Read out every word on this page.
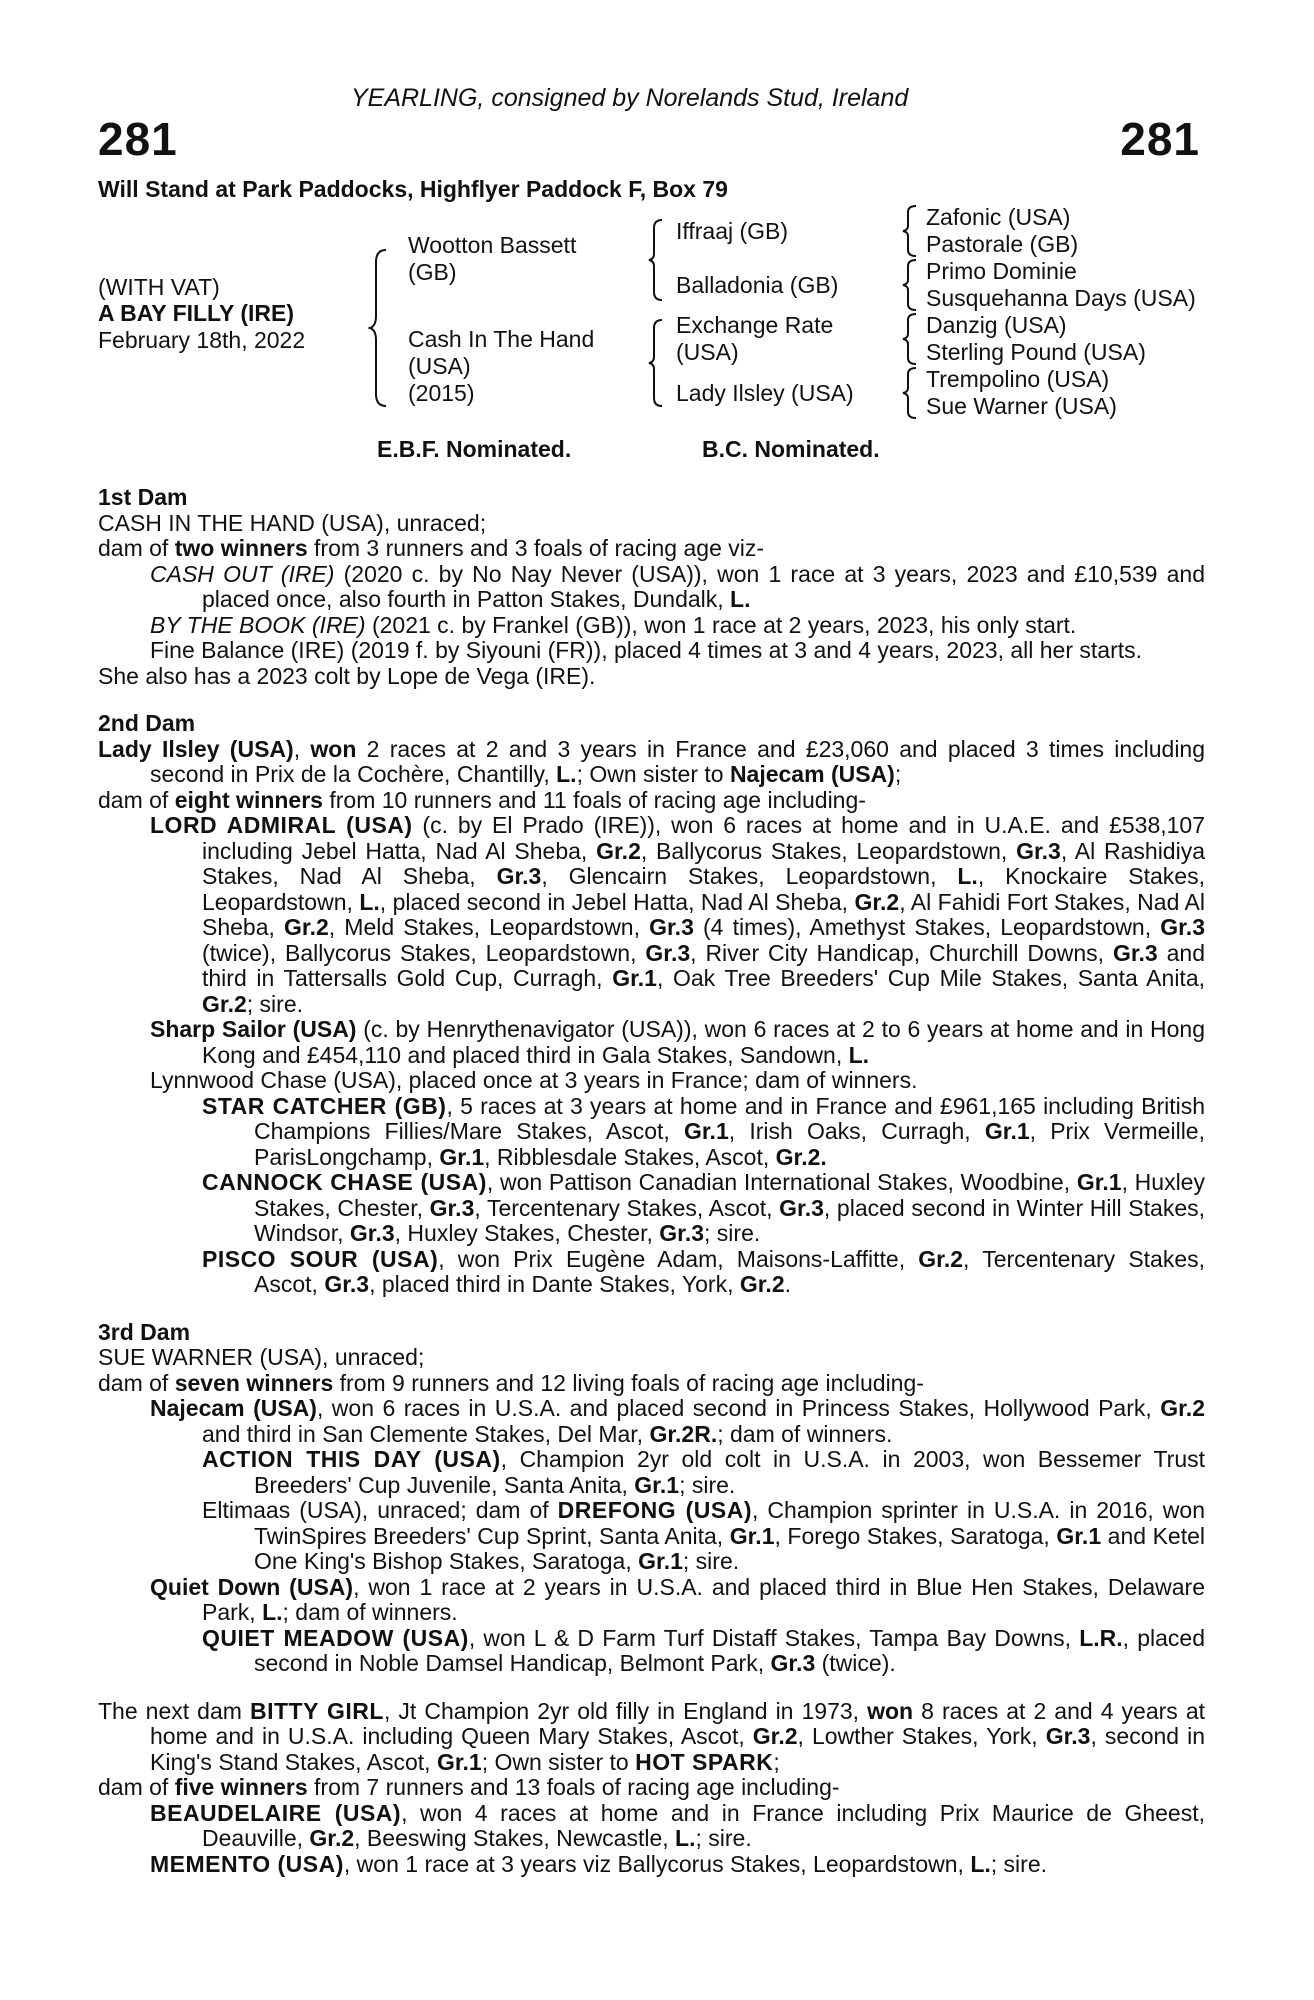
YEARLING, consigned by Norelands Stud, Ireland
281	281
Will Stand at Park Paddocks, Highflyer Paddock F, Box 79
(WITH VAT)
A BAY FILLY (IRE)
February 18th, 2022
Wootton Bassett
(GB)
Cash In The Hand
(USA)
(2015)
Iffraaj (GB)
Balladonia (GB)
Exchange Rate
(USA)
Lady Ilsley (USA)
Zafonic (USA)
Pastorale (GB)
Primo Dominie
Susquehanna Days (USA)
Danzig (USA)
Sterling Pound (USA)
Trempolino (USA)
Sue Warner (USA)
E.B.F. Nominated.	B.C. Nominated.

1st Dam

CASH IN THE HAND (USA), unraced;

dam of two winners from 3 runners and 3 foals of racing age viz-

CASH OUT (IRE) (2020 c. by No Nay Never (USA)), won 1 race at 3 years, 2023 and £10,539 and placed once, also fourth in Patton Stakes, Dundalk, L.

BY THE BOOK (IRE) (2021 c. by Frankel (GB)), won 1 race at 2 years, 2023, his only start.

Fine Balance (IRE) (2019 f. by Siyouni (FR)), placed 4 times at 3 and 4 years, 2023, all her starts.

She also has a 2023 colt by Lope de Vega (IRE).

2nd Dam

Lady Ilsley (USA), won 2 races at 2 and 3 years in France and £23,060 and placed 3 times including second in Prix de la Cochère, Chantilly, L.; Own sister to Najecam (USA);

dam of eight winners from 10 runners and 11 foals of racing age including-

LORD ADMIRAL (USA) (c. by El Prado (IRE)), won 6 races at home and in U.A.E. and £538,107 including Jebel Hatta, Nad Al Sheba, Gr.2, Ballycorus Stakes, Leopardstown, Gr.3, Al Rashidiya Stakes, Nad Al Sheba, Gr.3, Glencairn Stakes, Leopardstown, L., Knockaire Stakes, Leopardstown, L., placed second in Jebel Hatta, Nad Al Sheba, Gr.2, Al Fahidi Fort Stakes, Nad Al Sheba, Gr.2, Meld Stakes, Leopardstown, Gr.3 (4 times), Amethyst Stakes, Leopardstown, Gr.3 (twice), Ballycorus Stakes, Leopardstown, Gr.3, River City Handicap, Churchill Downs, Gr.3 and third in Tattersalls Gold Cup, Curragh, Gr.1, Oak Tree Breeders' Cup Mile Stakes, Santa Anita, Gr.2; sire.

Sharp Sailor (USA) (c. by Henrythenavigator (USA)), won 6 races at 2 to 6 years at home and in Hong Kong and £454,110 and placed third in Gala Stakes, Sandown, L.

Lynnwood Chase (USA), placed once at 3 years in France; dam of winners.

STAR CATCHER (GB), 5 races at 3 years at home and in France and £961,165 including British Champions Fillies/Mare Stakes, Ascot, Gr.1, Irish Oaks, Curragh, Gr.1, Prix Vermeille, ParisLongchamp, Gr.1, Ribblesdale Stakes, Ascot, Gr.2.

CANNOCK CHASE (USA), won Pattison Canadian International Stakes, Woodbine, Gr.1, Huxley Stakes, Chester, Gr.3, Tercentenary Stakes, Ascot, Gr.3, placed second in Winter Hill Stakes, Windsor, Gr.3, Huxley Stakes, Chester, Gr.3; sire.

PISCO SOUR (USA), won Prix Eugène Adam, Maisons-Laffitte, Gr.2, Tercentenary Stakes, Ascot, Gr.3, placed third in Dante Stakes, York, Gr.2.

3rd Dam

SUE WARNER (USA), unraced;

dam of seven winners from 9 runners and 12 living foals of racing age including-

Najecam (USA), won 6 races in U.S.A. and placed second in Princess Stakes, Hollywood Park, Gr.2 and third in San Clemente Stakes, Del Mar, Gr.2R.; dam of winners.

ACTION THIS DAY (USA), Champion 2yr old colt in U.S.A. in 2003, won Bessemer Trust Breeders' Cup Juvenile, Santa Anita, Gr.1; sire.

Eltimaas (USA), unraced; dam of DREFONG (USA), Champion sprinter in U.S.A. in 2016, won TwinSpires Breeders' Cup Sprint, Santa Anita, Gr.1, Forego Stakes, Saratoga, Gr.1 and Ketel One King's Bishop Stakes, Saratoga, Gr.1; sire.

Quiet Down (USA), won 1 race at 2 years in U.S.A. and placed third in Blue Hen Stakes, Delaware Park, L.; dam of winners.

QUIET MEADOW (USA), won L & D Farm Turf Distaff Stakes, Tampa Bay Downs, L.R., placed second in Noble Damsel Handicap, Belmont Park, Gr.3 (twice).

The next dam BITTY GIRL, Jt Champion 2yr old filly in England in 1973, won 8 races at 2 and 4 years at home and in U.S.A. including Queen Mary Stakes, Ascot, Gr.2, Lowther Stakes, York, Gr.3, second in King's Stand Stakes, Ascot, Gr.1; Own sister to HOT SPARK;

dam of five winners from 7 runners and 13 foals of racing age including-

BEAUDELAIRE (USA), won 4 races at home and in France including Prix Maurice de Gheest, Deauville, Gr.2, Beeswing Stakes, Newcastle, L.; sire.

MEMENTO (USA), won 1 race at 3 years viz Ballycorus Stakes, Leopardstown, L.; sire.
